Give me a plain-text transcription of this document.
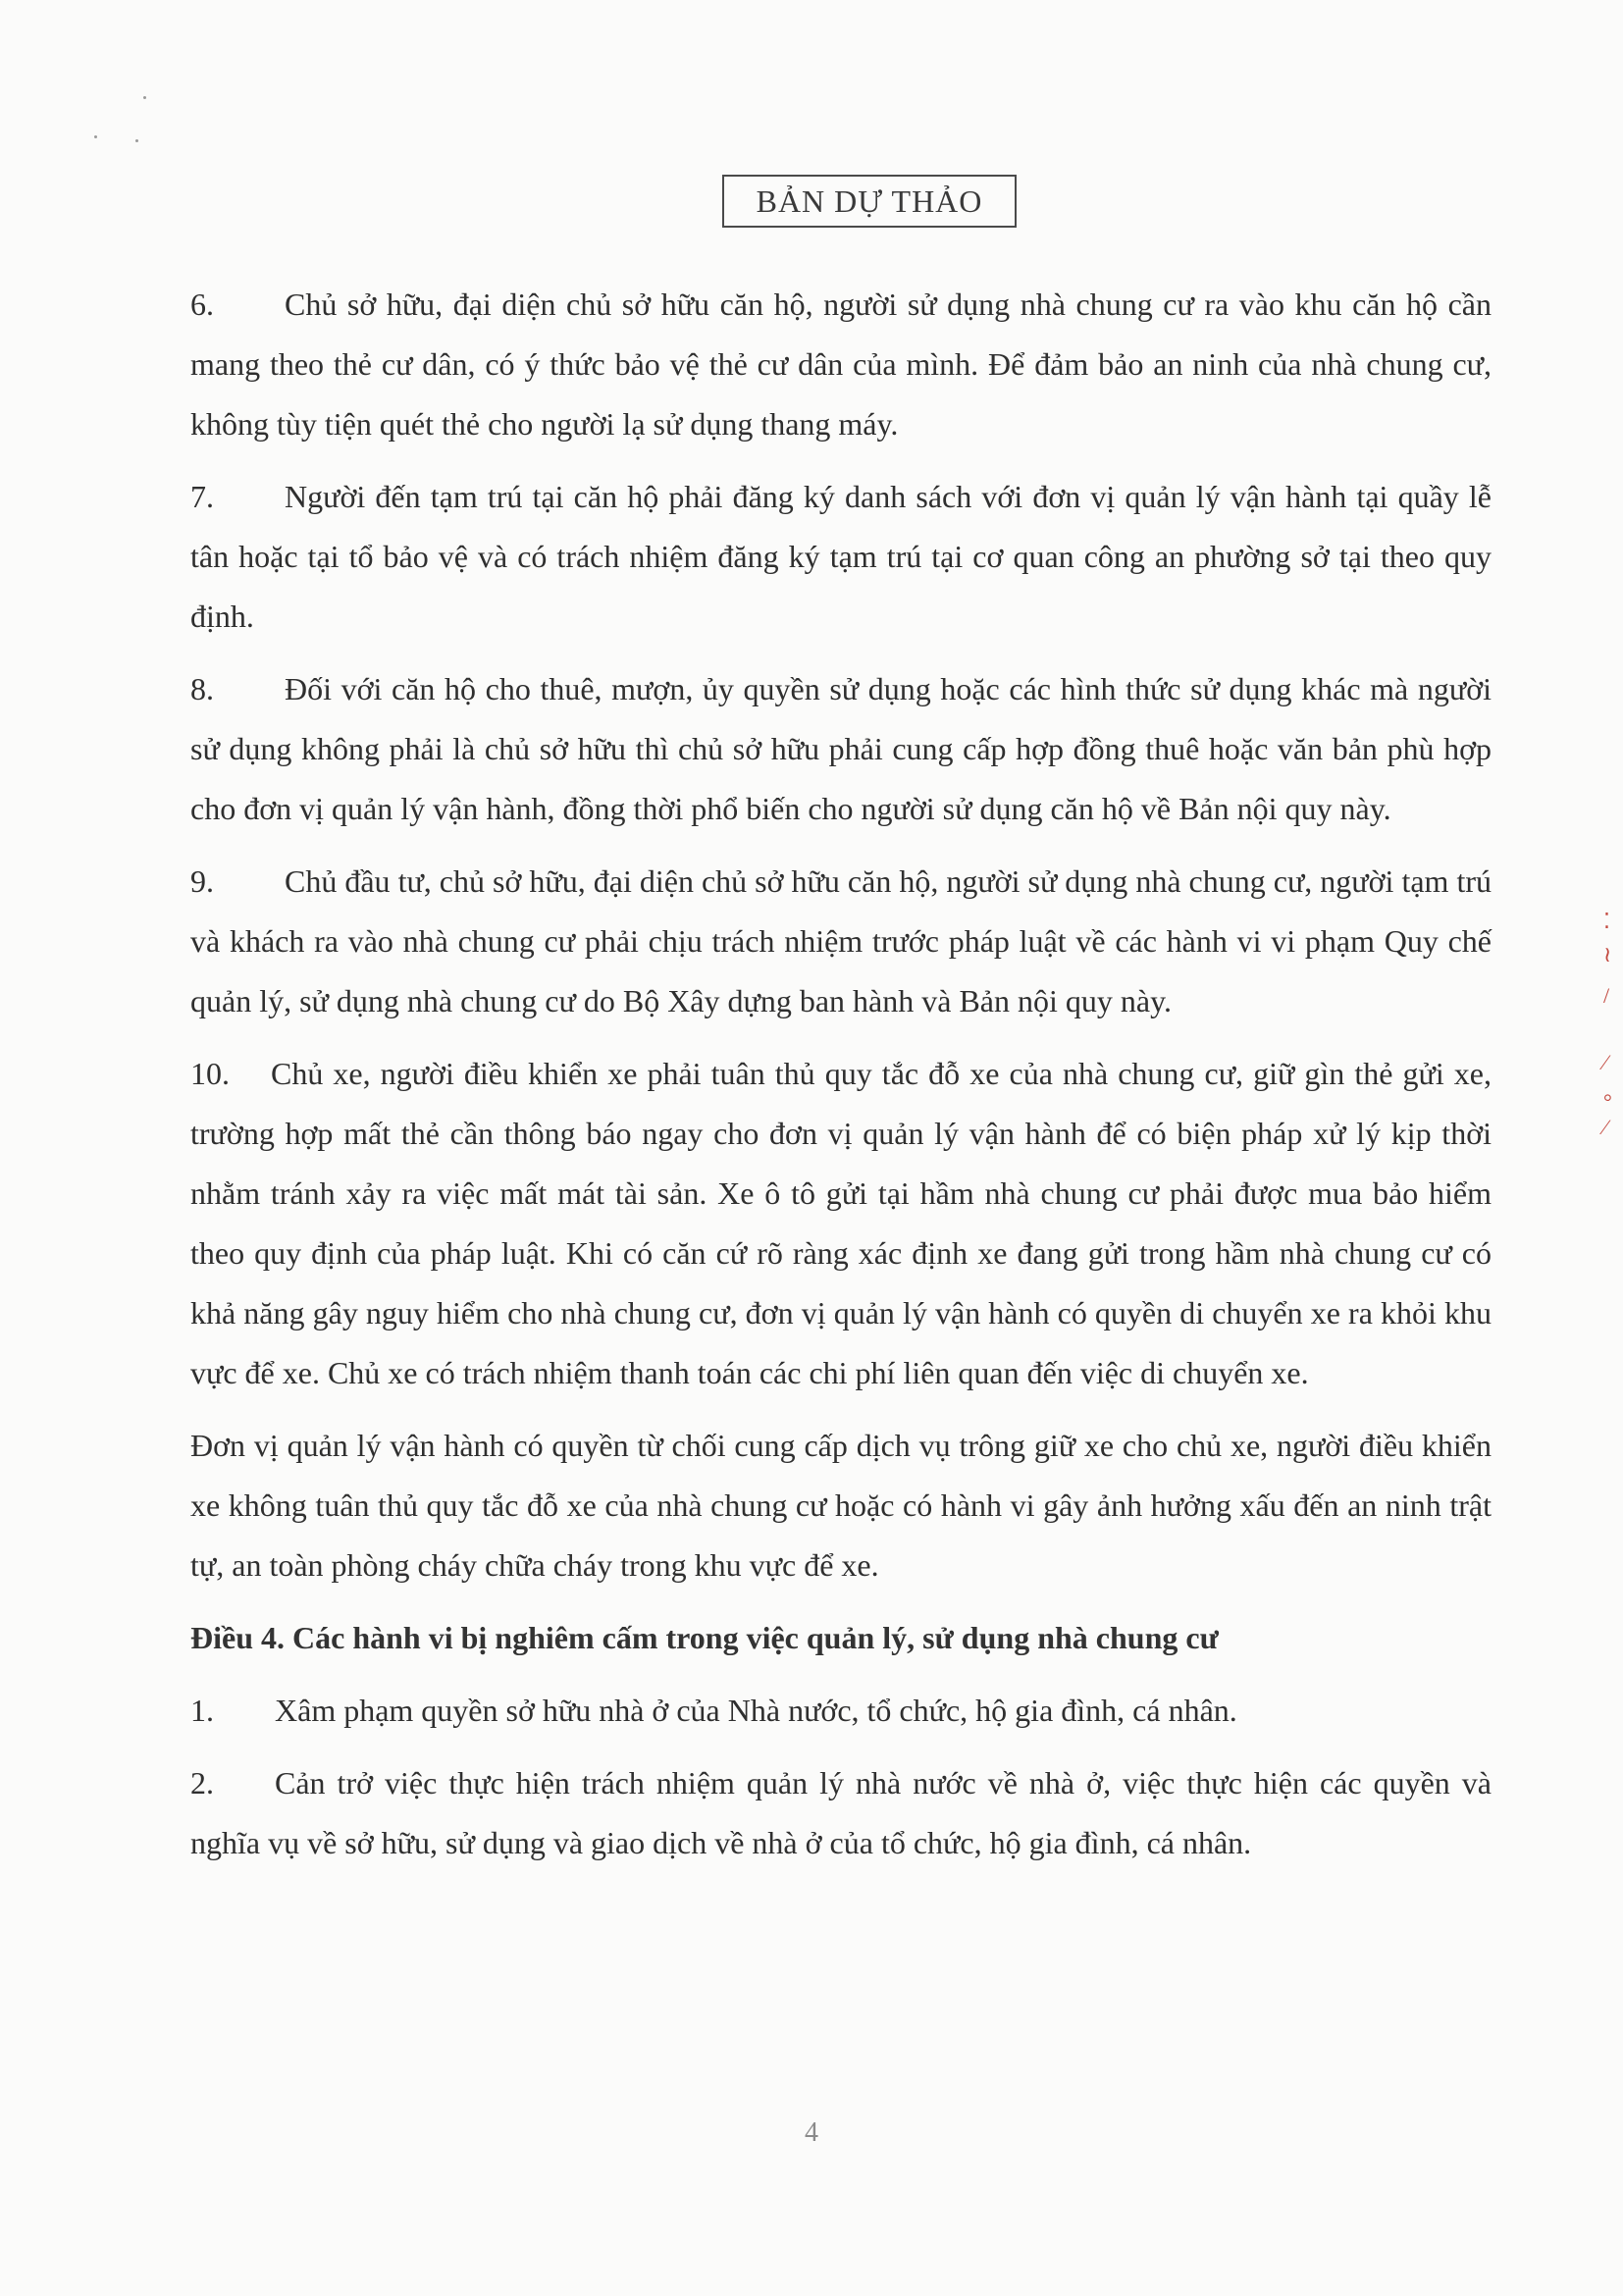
BẢN DỰ THẢO

6. Chủ sở hữu, đại diện chủ sở hữu căn hộ, người sử dụng nhà chung cư ra vào khu căn hộ cần mang theo thẻ cư dân, có ý thức bảo vệ thẻ cư dân của mình. Để đảm bảo an ninh của nhà chung cư, không tùy tiện quét thẻ cho người lạ sử dụng thang máy.

7. Người đến tạm trú tại căn hộ phải đăng ký danh sách với đơn vị quản lý vận hành tại quầy lễ tân hoặc tại tổ bảo vệ và có trách nhiệm đăng ký tạm trú tại cơ quan công an phường sở tại theo quy định.

8. Đối với căn hộ cho thuê, mượn, ủy quyền sử dụng hoặc các hình thức sử dụng khác mà người sử dụng không phải là chủ sở hữu thì chủ sở hữu phải cung cấp hợp đồng thuê hoặc văn bản phù hợp cho đơn vị quản lý vận hành, đồng thời phổ biến cho người sử dụng căn hộ về Bản nội quy này.

9. Chủ đầu tư, chủ sở hữu, đại diện chủ sở hữu căn hộ, người sử dụng nhà chung cư, người tạm trú và khách ra vào nhà chung cư phải chịu trách nhiệm trước pháp luật về các hành vi vi phạm Quy chế quản lý, sử dụng nhà chung cư do Bộ Xây dựng ban hành và Bản nội quy này.

10. Chủ xe, người điều khiển xe phải tuân thủ quy tắc đỗ xe của nhà chung cư, giữ gìn thẻ gửi xe, trường hợp mất thẻ cần thông báo ngay cho đơn vị quản lý vận hành để có biện pháp xử lý kịp thời nhằm tránh xảy ra việc mất mát tài sản. Xe ô tô gửi tại hầm nhà chung cư phải được mua bảo hiểm theo quy định của pháp luật. Khi có căn cứ rõ ràng xác định xe đang gửi trong hầm nhà chung cư có khả năng gây nguy hiểm cho nhà chung cư, đơn vị quản lý vận hành có quyền di chuyển xe ra khỏi khu vực để xe. Chủ xe có trách nhiệm thanh toán các chi phí liên quan đến việc di chuyển xe.

Đơn vị quản lý vận hành có quyền từ chối cung cấp dịch vụ trông giữ xe cho chủ xe, người điều khiển xe không tuân thủ quy tắc đỗ xe của nhà chung cư hoặc có hành vi gây ảnh hưởng xấu đến an ninh trật tự, an toàn phòng cháy chữa cháy trong khu vực để xe.

Điều 4. Các hành vi bị nghiêm cấm trong việc quản lý, sử dụng nhà chung cư

1. Xâm phạm quyền sở hữu nhà ở của Nhà nước, tổ chức, hộ gia đình, cá nhân.

2. Cản trở việc thực hiện trách nhiệm quản lý nhà nước về nhà ở, việc thực hiện các quyền và nghĩa vụ về sở hữu, sử dụng và giao dịch về nhà ở của tổ chức, hộ gia đình, cá nhân.

4
⁚
≀
/
⁄
°
∕
